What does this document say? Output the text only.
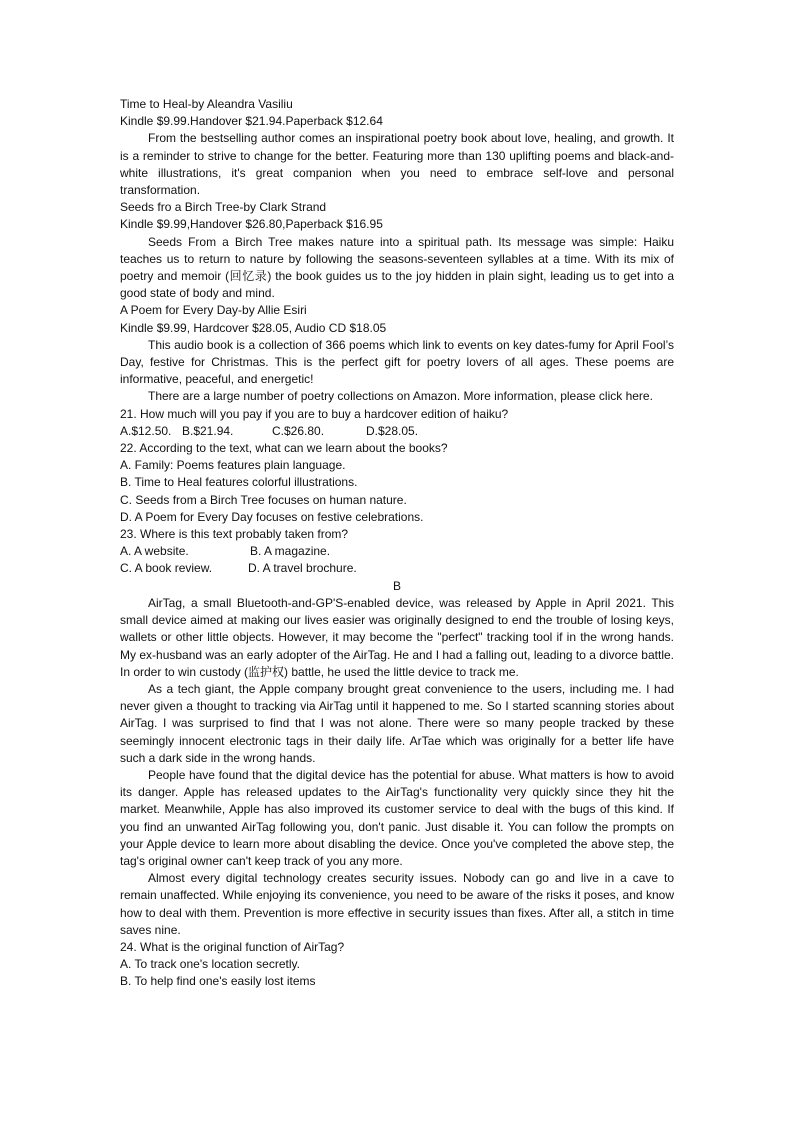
Time to Heal-by Aleandra Vasiliu

Kindle $9.99.Handover $21.94.Paperback $12.64

From the bestselling author comes an inspirational poetry book about love, healing, and growth. It is a reminder to strive to change for the better. Featuring more than 130 uplifting poems and black-and-white illustrations, it's great companion when you need to embrace self-love and personal transformation.

Seeds fro a Birch Tree-by Clark Strand

Kindle $9.99,Handover $26.80,Paperback $16.95

Seeds From a Birch Tree makes nature into a spiritual path. Its message was simple: Haiku teaches us to return to nature by following the seasons-seventeen syllables at a time. With its mix of poetry and memoir (回忆录) the book guides us to the joy hidden in plain sight, leading us to get into a good state of body and mind.

A Poem for Every Day-by Allie Esiri

Kindle $9.99, Hardcover $28.05, Audio CD $18.05

This audio book is a collection of 366 poems which link to events on key dates-fumy for April Fool’s Day, festive for Christmas. This is the perfect gift for poetry lovers of all ages. These poems are informative, peaceful, and energetic!

There are a large number of poetry collections on Amazon. More information, please click here.

21. How much will you pay if you are to buy a hardcover edition of haiku?

A.$12.50. B.$21.94.	C.$26.80.	D.$28.05.

22. According to the text, what can we learn about the books?

A. Family: Poems features plain language.

B. Time to Heal features colorful illustrations.

C. Seeds from a Birch Tree focuses on human nature.

D. A Poem for Every Day focuses on festive celebrations.

23. Where is this text probably taken from?

A. A website.	B. A magazine.
C. A book review.	D. A travel brochure.

B

AirTag, a small Bluetooth-and-GP'S-enabled device, was released by Apple in April 2021. This small device aimed at making our lives easier was originally designed to end the trouble of losing keys, wallets or other little objects. However, it may become the "perfect" tracking tool if in the wrong hands. My ex-husband was an early adopter of the AirTag. He and I had a falling out, leading to a divorce battle. In order to win custody (监护权) battle, he used the little device to track me.

As a tech giant, the Apple company brought great convenience to the users, including me. I had never given a thought to tracking via AirTag until it happened to me. So I started scanning stories about AirTag. I was surprised to find that I was not alone. There were so many people tracked by these seemingly innocent electronic tags in their daily life. ArTae which was originally for a better life have such a dark side in the wrong hands.

People have found that the digital device has the potential for abuse. What matters is how to avoid its danger. Apple has released updates to the AirTag's functionality very quickly since they hit the market. Meanwhile, Apple has also improved its customer service to deal with the bugs of this kind. If you find an unwanted AirTag following you, don't panic. Just disable it. You can follow the prompts on your Apple device to learn more about disabling the device. Once you've completed the above step, the tag's original owner can't keep track of you any more.

Almost every digital technology creates security issues. Nobody can go and live in a cave to remain unaffected. While enjoying its convenience, you need to be aware of the risks it poses, and know how to deal with them. Prevention is more effective in security issues than fixes. After all, a stitch in time saves nine.

24. What is the original function of AirTag?

A. To track one's location secretly.

B. To help find one's easily lost items
